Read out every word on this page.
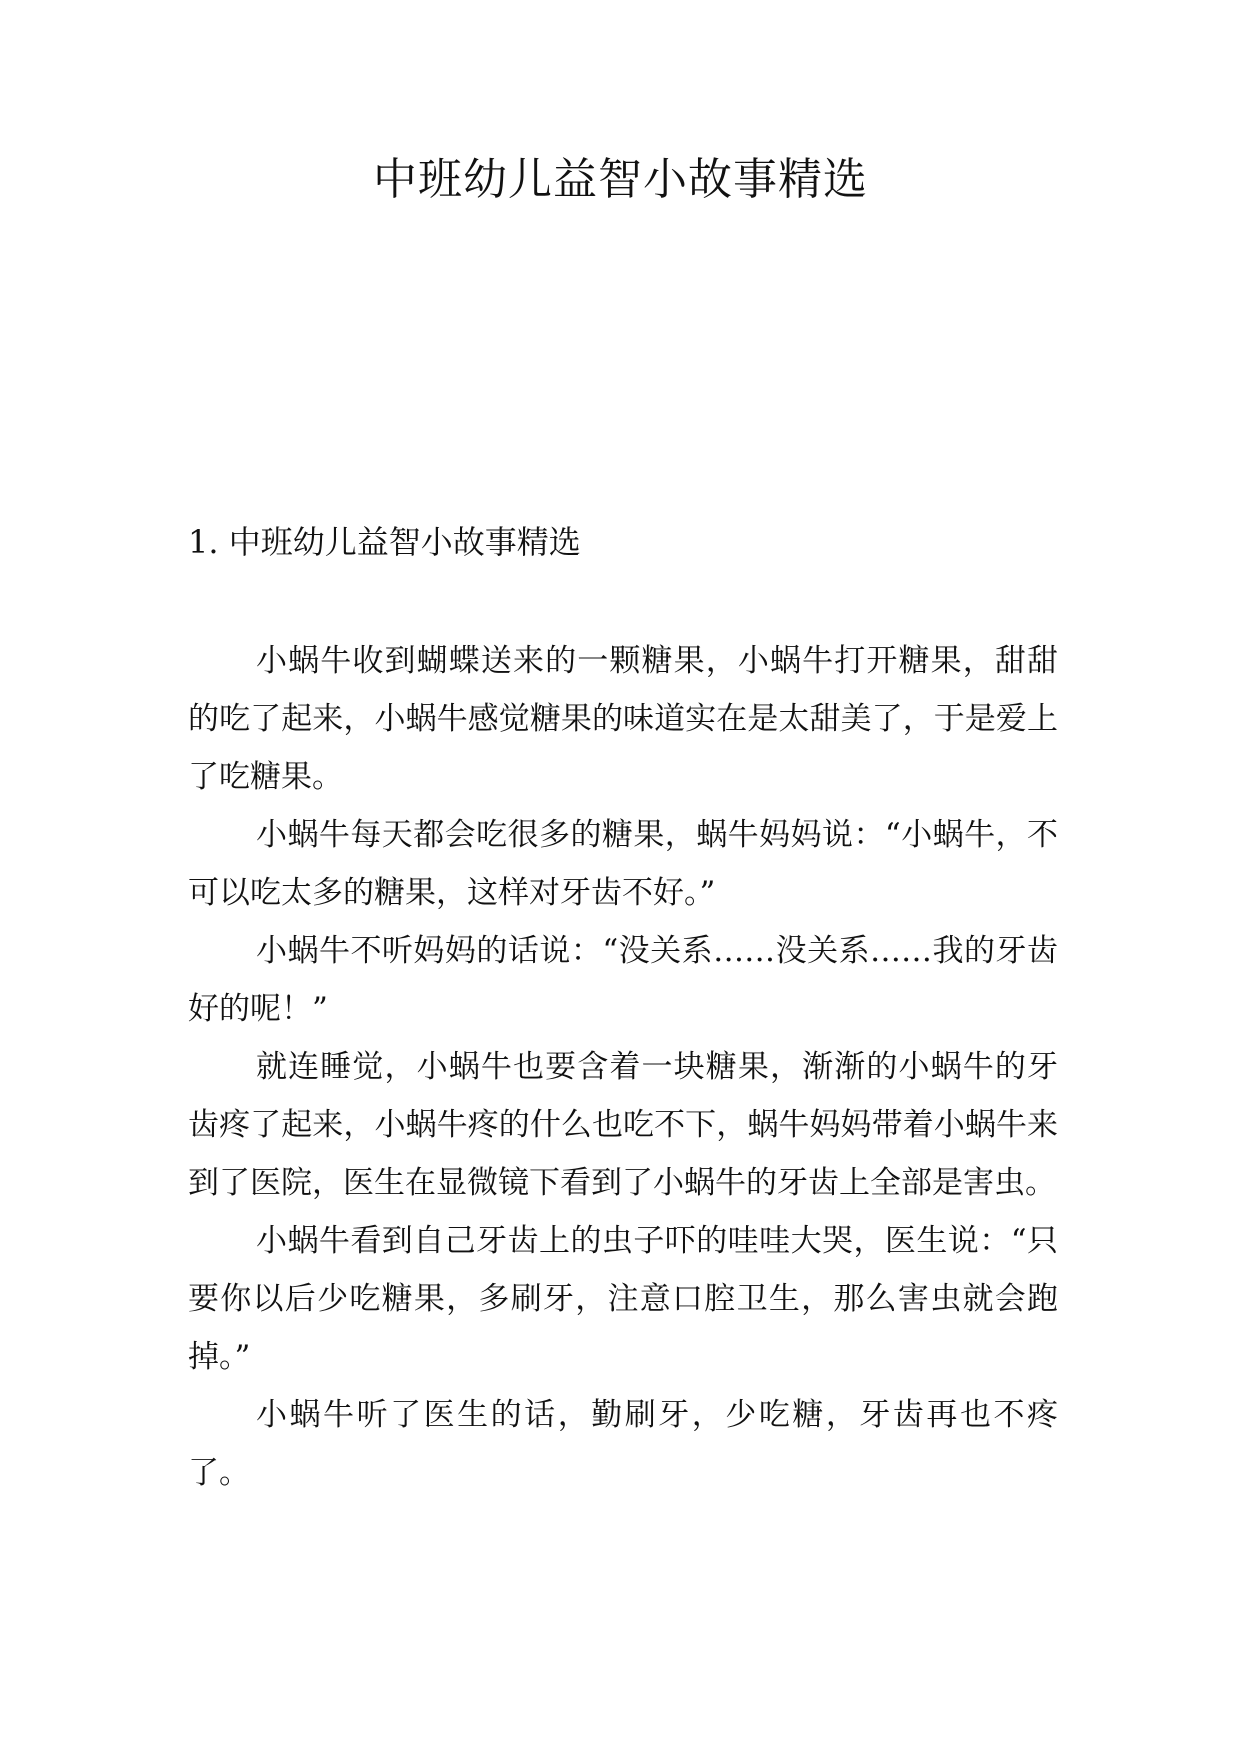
中班幼儿益智小故事精选
1. 中班幼儿益智小故事精选

小蜗牛收到蝴蝶送来的一颗糖果，小蜗牛打开糖果，甜甜的吃了起来，小蜗牛感觉糖果的味道实在是太甜美了，于是爱上了吃糖果。

小蜗牛每天都会吃很多的糖果，蜗牛妈妈说：“小蜗牛，不可以吃太多的糖果，这样对牙齿不好。”

小蜗牛不听妈妈的话说：“没关系……没关系……我的牙齿好的呢！”

就连睡觉，小蜗牛也要含着一块糖果，渐渐的小蜗牛的牙齿疼了起来，小蜗牛疼的什么也吃不下，蜗牛妈妈带着小蜗牛来到了医院，医生在显微镜下看到了小蜗牛的牙齿上全部是害虫。

小蜗牛看到自己牙齿上的虫子吓的哇哇大哭，医生说：“只要你以后少吃糖果，多刷牙，注意口腔卫生，那么害虫就会跑掉。”

小蜗牛听了医生的话，勤刷牙，少吃糖，牙齿再也不疼了。
